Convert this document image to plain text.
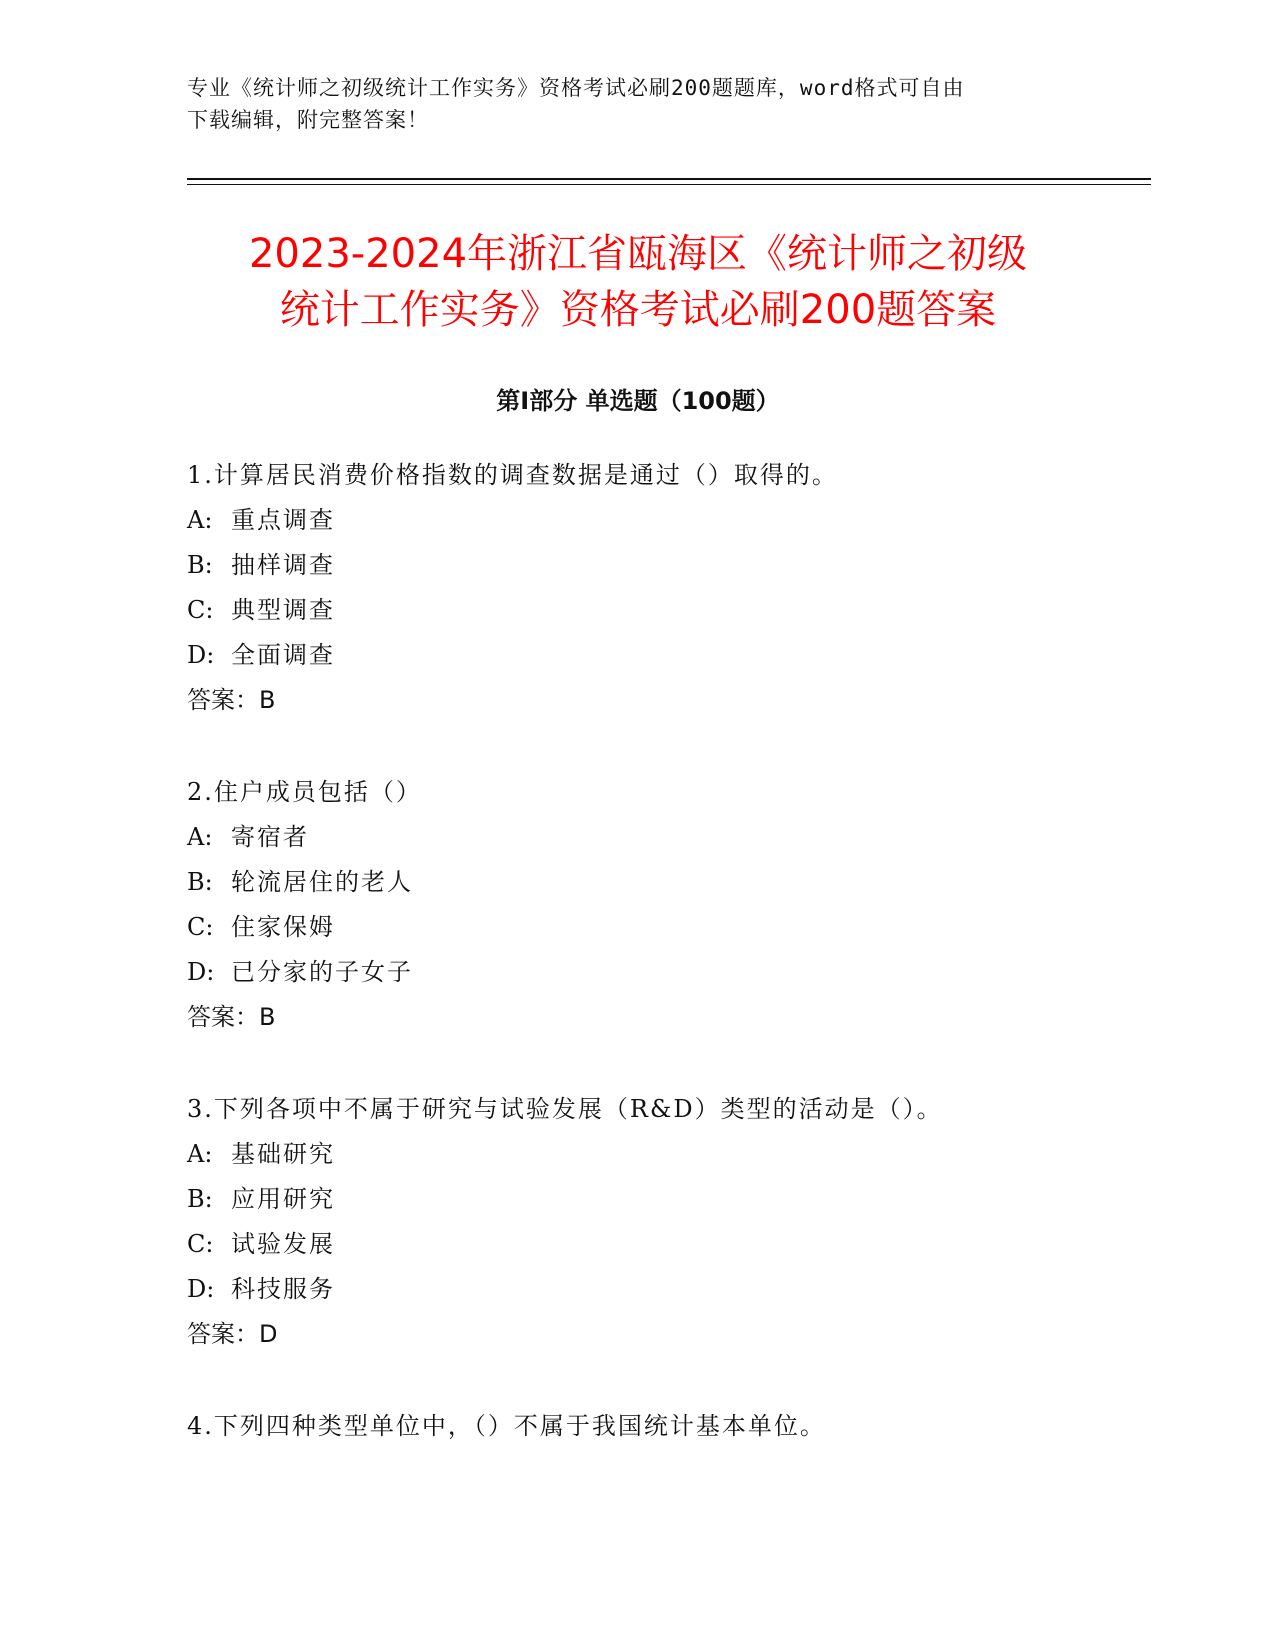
专业《统计师之初级统计工作实务》资格考试必刷200题题库，word格式可自由
下载编辑，附完整答案！
2023-2024年浙江省瓯海区《统计师之初级
统计工作实务》资格考试必刷200题答案
第Ⅰ部分 单选题（100题）
1.计算居民消费价格指数的调查数据是通过（）取得的。
A: 重点调查
B: 抽样调查
C: 典型调查
D: 全面调查
答案：B
2.住户成员包括（）
A: 寄宿者
B: 轮流居住的老人
C: 住家保姆
D: 已分家的子女子
答案：B
3.下列各项中不属于研究与试验发展（R&D）类型的活动是（）。
A: 基础研究
B: 应用研究
C: 试验发展
D: 科技服务
答案：D
4.下列四种类型单位中，（）不属于我国统计基本单位。
